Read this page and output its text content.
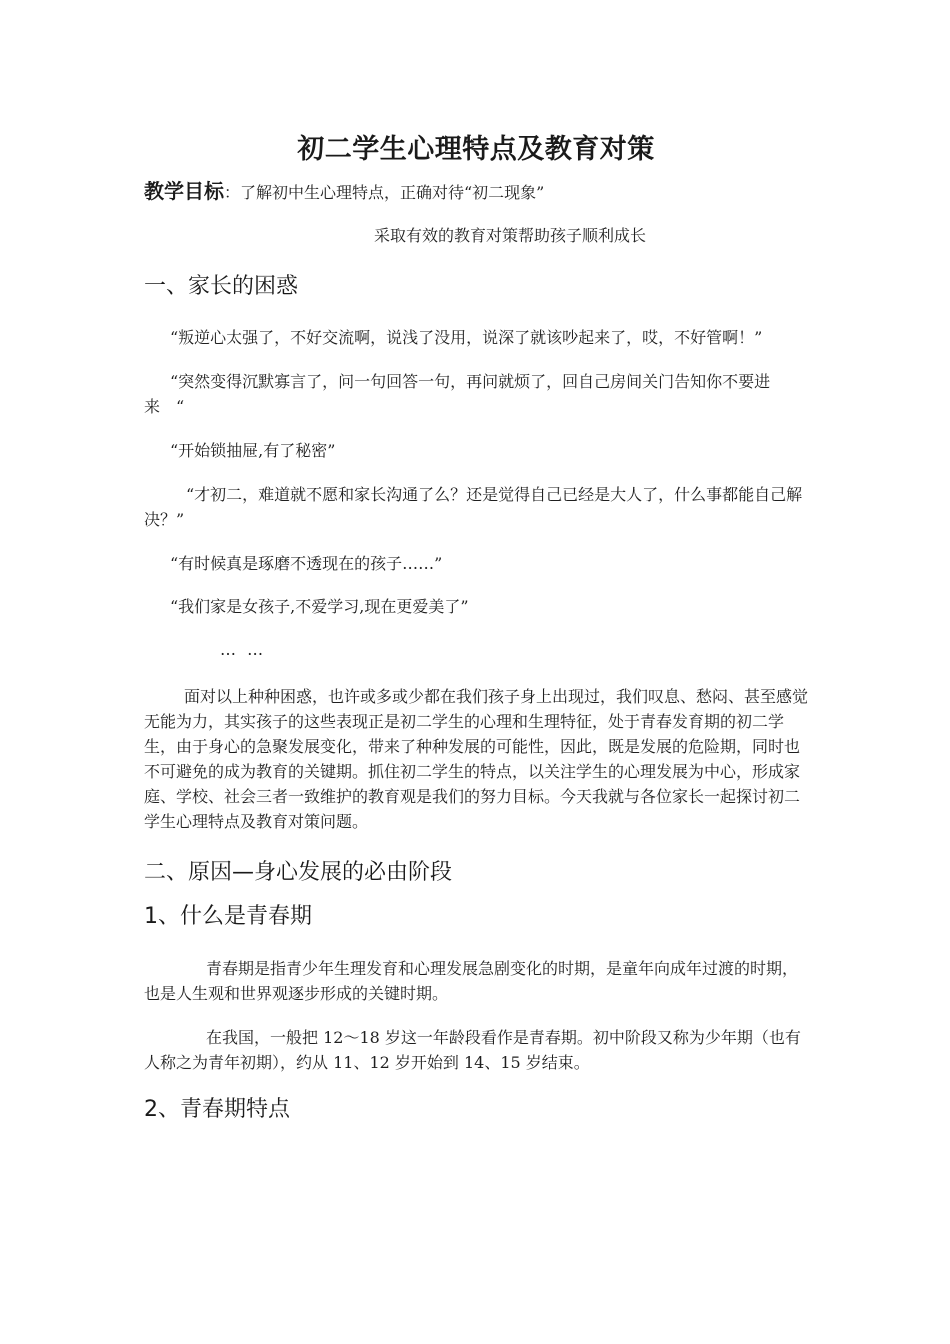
初二学生心理特点及教育对策
教学目标：了解初中生心理特点，正确对待“初二现象”
采取有效的教育对策帮助孩子顺利成长
一、家长的困惑

“叛逆心太强了，不好交流啊，说浅了没用，说深了就该吵起来了，哎，不好管啊！”

“突然变得沉默寡言了，问一句回答一句，再问就烦了，回自己房间关门告知你不要进来　“

“开始锁抽屉,有了秘密”

“才初二，难道就不愿和家长沟通了么？还是觉得自己已经是大人了，什么事都能自己解决？”

“有时候真是琢磨不透现在的孩子……”

“我们家是女孩子,不爱学习,现在更爱美了”

… …

面对以上种种困惑，也许或多或少都在我们孩子身上出现过，我们叹息、愁闷、甚至感觉无能为力，其实孩子的这些表现正是初二学生的心理和生理特征，处于青春发育期的初二学生，由于身心的急聚发展变化，带来了种种发展的可能性，因此，既是发展的危险期，同时也不可避免的成为教育的关键期。抓住初二学生的特点，以关注学生的心理发展为中心，形成家庭、学校、社会三者一致维护的教育观是我们的努力目标。今天我就与各位家长一起探讨初二学生心理特点及教育对策问题。

二、原因—身心发展的必由阶段
1、什么是青春期

青春期是指青少年生理发育和心理发展急剧变化的时期，是童年向成年过渡的时期，也是人生观和世界观逐步形成的关键时期。

在我国，一般把 12～18 岁这一年龄段看作是青春期。初中阶段又称为少年期（也有人称之为青年初期），约从 11、12 岁开始到 14、15 岁结束。

2、青春期特点
